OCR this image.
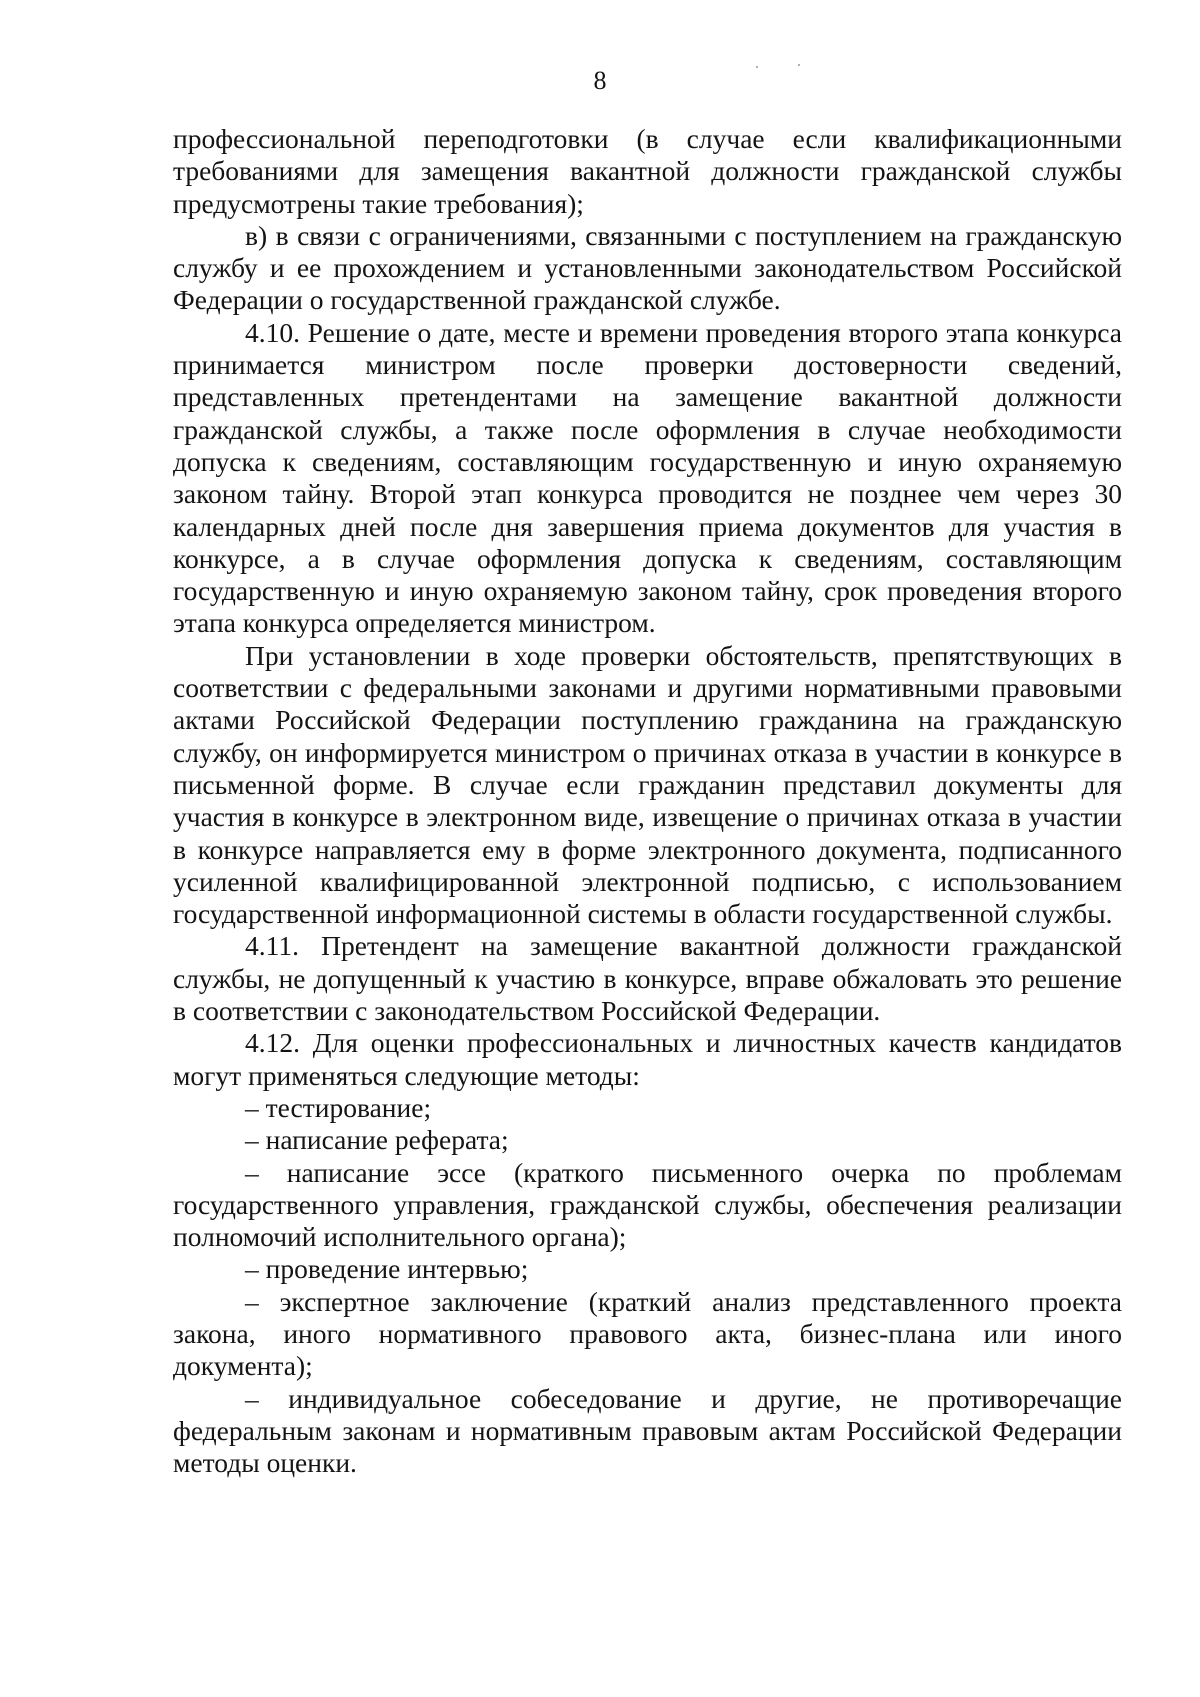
8

профессиональной переподготовки (в случае если квалификационными требованиями для замещения вакантной должности гражданской службы предусмотрены такие требования);

в) в связи с ограничениями, связанными с поступлением на гражданскую службу и ее прохождением и установленными законодательством Российской Федерации о государственной гражданской службе.

4.10. Решение о дате, месте и времени проведения второго этапа конкурса принимается министром после проверки достоверности сведений, представленных претендентами на замещение вакантной должности гражданской службы, а также после оформления в случае необходимости допуска к сведениям, составляющим государственную и иную охраняемую законом тайну. Второй этап конкурса проводится не позднее чем через 30 календарных дней после дня завершения приема документов для участия в конкурсе, а в случае оформления допуска к сведениям, составляющим государственную и иную охраняемую законом тайну, срок проведения второго этапа конкурса определяется министром.

При установлении в ходе проверки обстоятельств, препятствующих в соответствии с федеральными законами и другими нормативными правовыми актами Российской Федерации поступлению гражданина на гражданскую службу, он информируется министром о причинах отказа в участии в конкурсе в письменной форме. В случае если гражданин представил документы для участия в конкурсе в электронном виде, извещение о причинах отказа в участии в конкурсе направляется ему в форме электронного документа, подписанного усиленной квалифицированной электронной подписью, с использованием государственной информационной системы в области государственной службы.

4.11. Претендент на замещение вакантной должности гражданской службы, не допущенный к участию в конкурсе, вправе обжаловать это решение в соответствии с законодательством Российской Федерации.

4.12. Для оценки профессиональных и личностных качеств кандидатов могут применяться следующие методы:

– тестирование;

– написание реферата;

– написание эссе (краткого письменного очерка по проблемам государственного управления, гражданской службы, обеспечения реализации полномочий исполнительного органа);

– проведение интервью;

– экспертное заключение (краткий анализ представленного проекта закона, иного нормативного правового акта, бизнес-плана или иного документа);

– индивидуальное собеседование и другие, не противоречащие федеральным законам и нормативным правовым актам Российской Федерации методы оценки.
